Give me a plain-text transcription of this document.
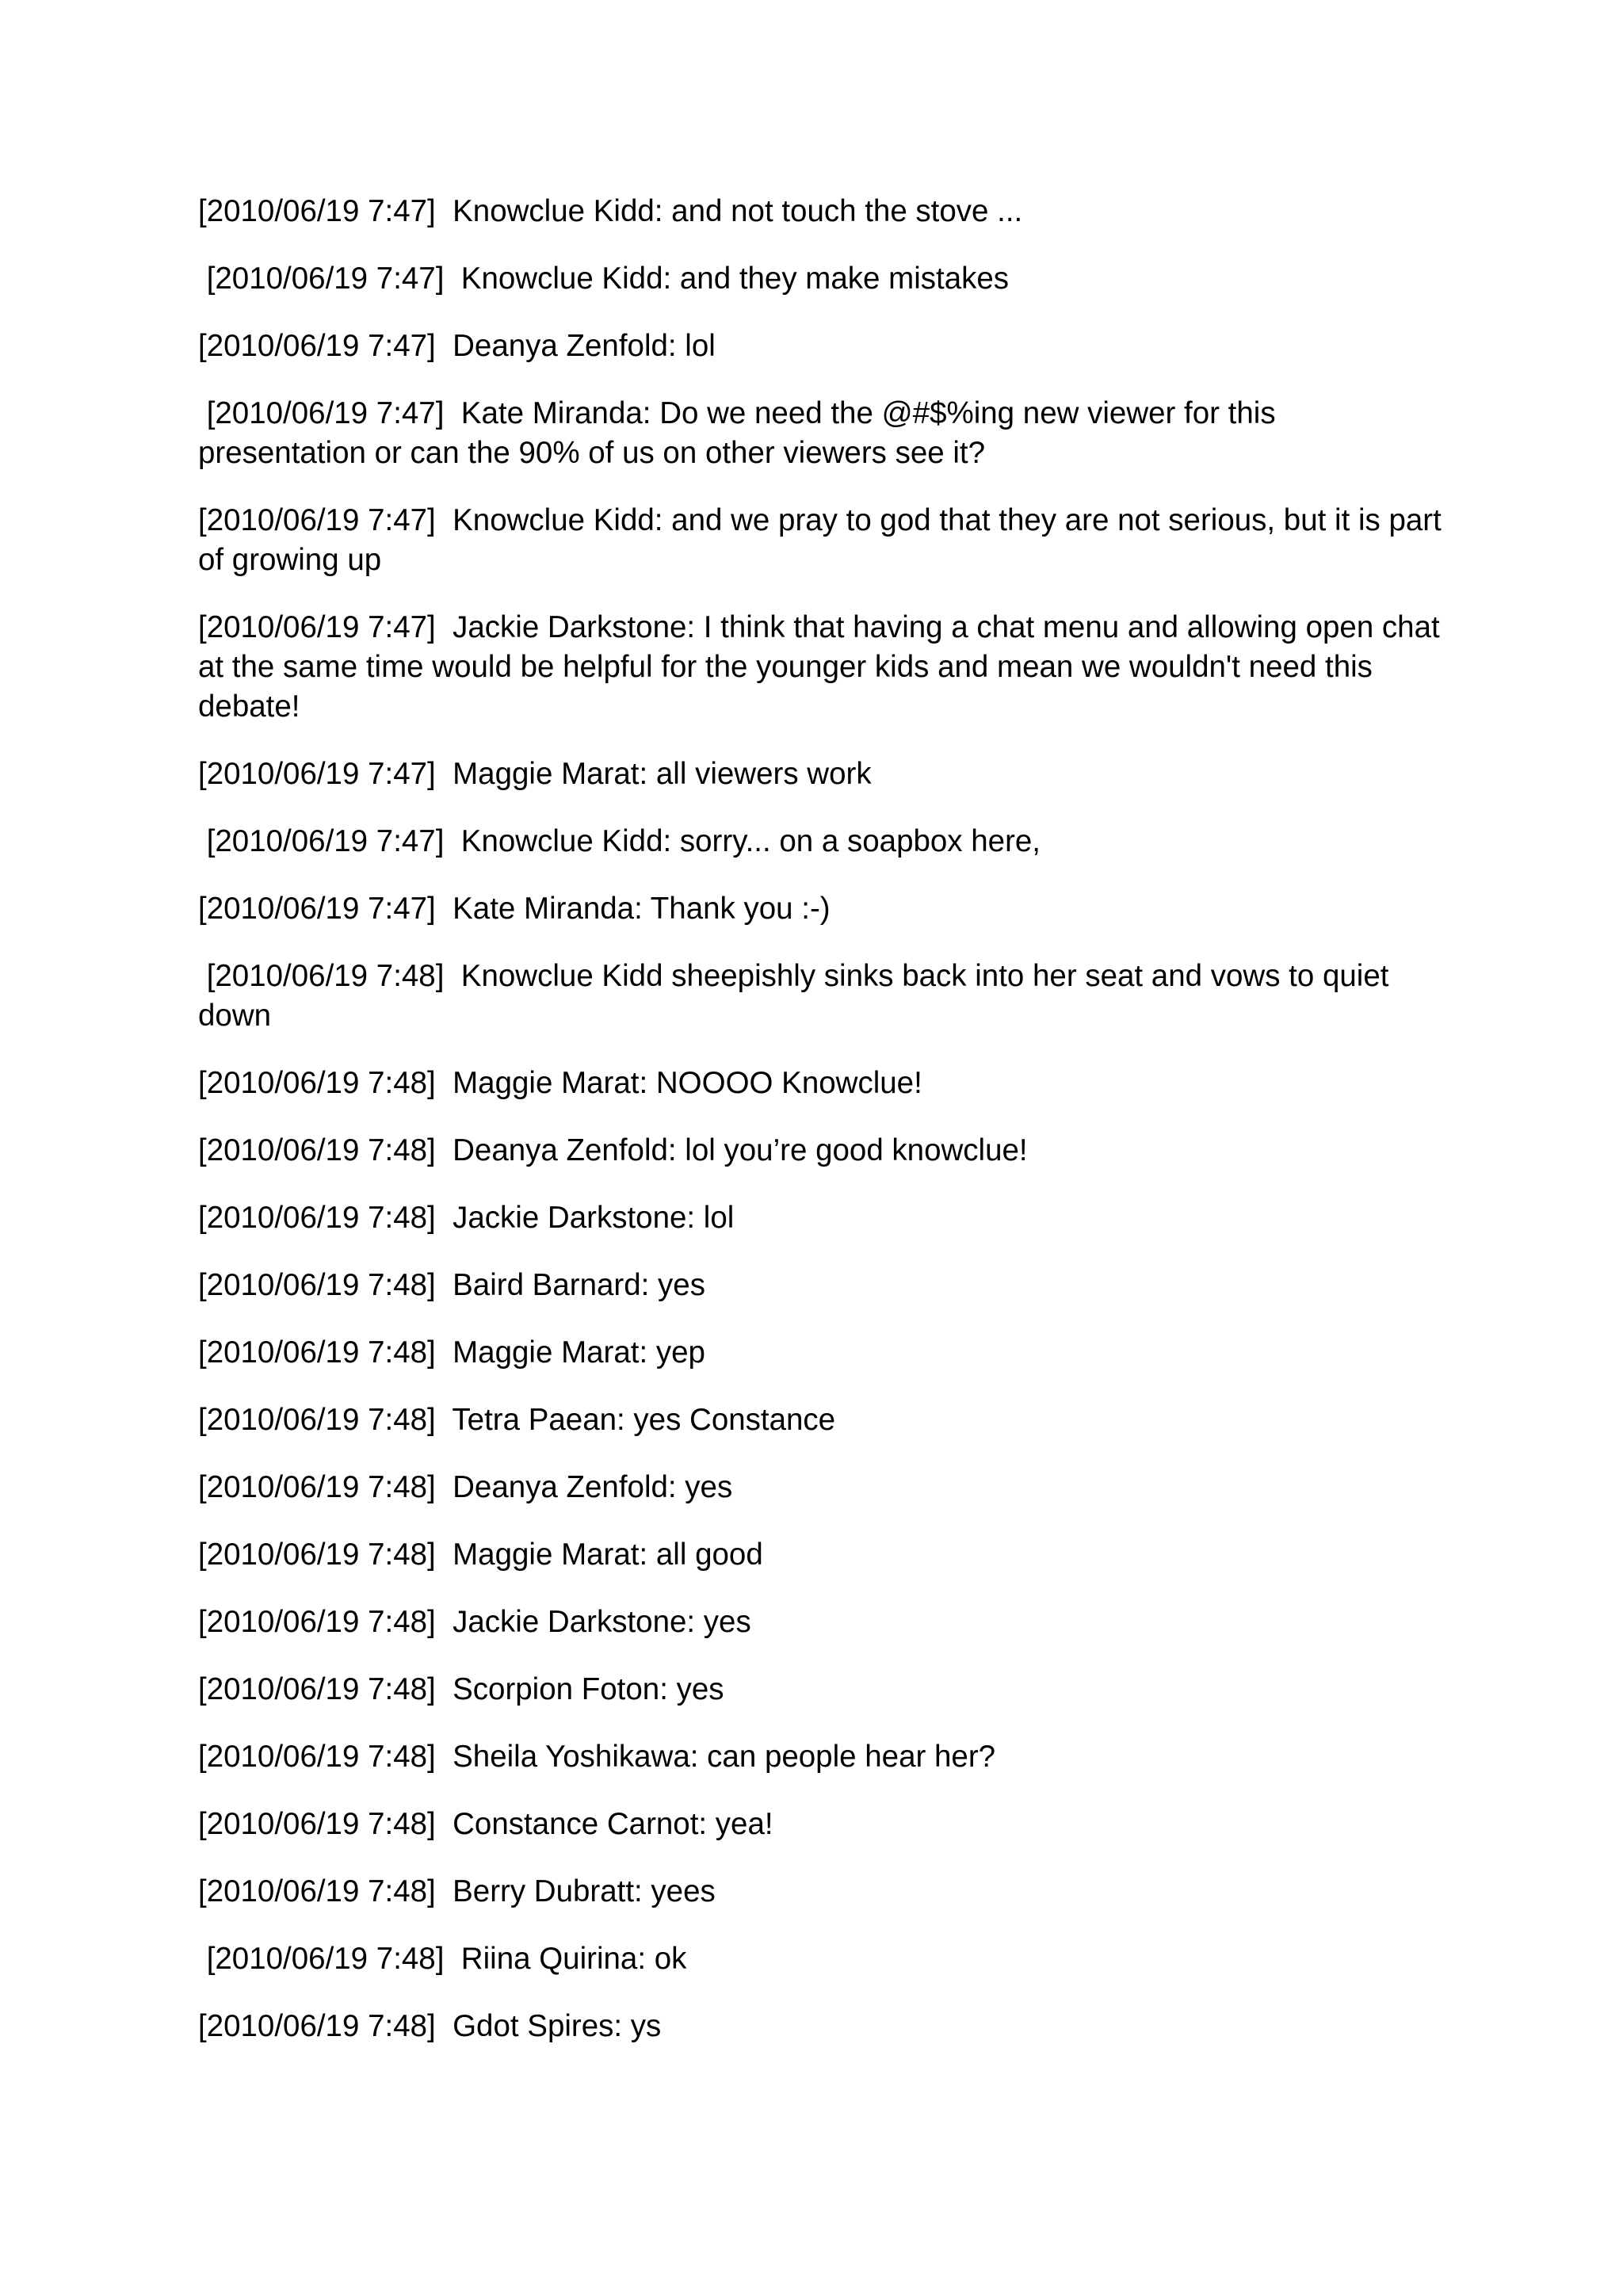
[2010/06/19 7:47]  Knowclue Kidd: and not touch the stove ...

[2010/06/19 7:47]  Knowclue Kidd: and they make mistakes

[2010/06/19 7:47]  Deanya Zenfold: lol

[2010/06/19 7:47]  Kate Miranda: Do we need the @#$%ing new viewer for this presentation or can the 90% of us on other viewers see it?

[2010/06/19 7:47]  Knowclue Kidd: and we pray to god that they are not serious, but it is part of growing up

[2010/06/19 7:47]  Jackie Darkstone: I think that having a chat menu and allowing open chat at the same time would be helpful for the younger kids and mean we wouldn't need this debate!

[2010/06/19 7:47]  Maggie Marat: all viewers work

[2010/06/19 7:47]  Knowclue Kidd: sorry... on a soapbox here,

[2010/06/19 7:47]  Kate Miranda: Thank you :-)

[2010/06/19 7:48]  Knowclue Kidd sheepishly sinks back into her seat and vows to quiet down

[2010/06/19 7:48]  Maggie Marat: NOOOO Knowclue!

[2010/06/19 7:48]  Deanya Zenfold: lol you’re good knowclue!

[2010/06/19 7:48]  Jackie Darkstone: lol

[2010/06/19 7:48]  Baird Barnard: yes

[2010/06/19 7:48]  Maggie Marat: yep

[2010/06/19 7:48]  Tetra Paean: yes Constance

[2010/06/19 7:48]  Deanya Zenfold: yes

[2010/06/19 7:48]  Maggie Marat: all good

[2010/06/19 7:48]  Jackie Darkstone: yes

[2010/06/19 7:48]  Scorpion Foton: yes

[2010/06/19 7:48]  Sheila Yoshikawa: can people hear her?

[2010/06/19 7:48]  Constance Carnot: yea!

[2010/06/19 7:48]  Berry Dubratt: yees

[2010/06/19 7:48]  Riina Quirina: ok

[2010/06/19 7:48]  Gdot Spires: ys
